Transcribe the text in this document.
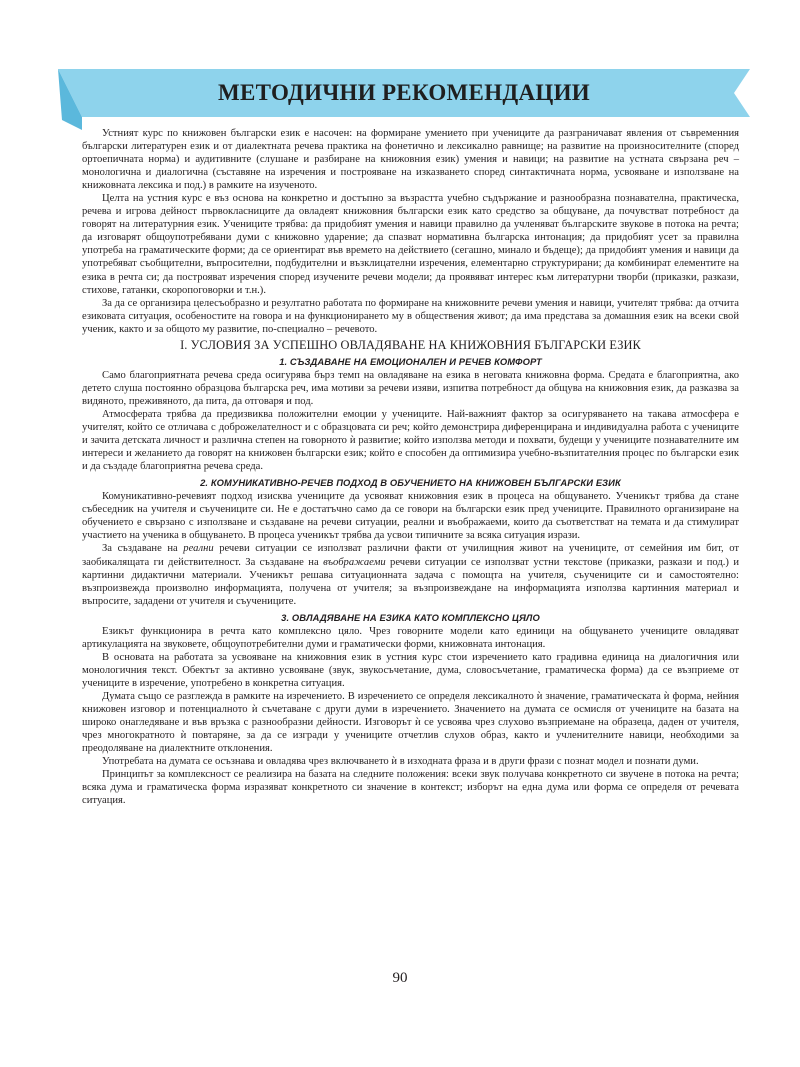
МЕТОДИЧНИ РЕКОМЕНДАЦИИ

Устният курс по книжовен български език е насочен: на формиране умението при учениците да разграничават явления от съвременния български литературен език и от диалектната речева практика на фонетично и лексикално равнище; на развитие на произносителните (според ортоепичната норма) и аудитивните (слушане и разбиране на книжовния език) умения и навици; на развитие на устната свързана реч – монологична и диалогична (съставяне на изречения и построяване на изказването според синтактичната норма, усвояване и използване на книжовната лексика и под.) в рамките на изученото.

Целта на устния курс е въз основа на конкретно и достъпно за възрастта учебно съдържание и разнообразна познавателна, практическа, речева и игрова дейност първокласниците да овладеят книжовния български език като средство за общуване, да почувстват потребност да говорят на литературния език. Учениците трябва: да придобият умения и навици правилно да учленяват българските звукове в потока на речта; да изговарят общоупотребявани думи с книжовно ударение; да спазват нормативна българска интонация; да придобият усет за правилна употреба на граматическите форми; да се ориентират във времето на действието (сегашно, минало и бъдеще); да придобият умения и навици да употребяват съобщителни, въпросителни, подбудителни и възклицателни изречения, елементарно структурирани; да комбинират елементите на езика в речта си; да построяват изречения според изучените речеви модели; да проявяват интерес към литературни творби (приказки, разкази, стихове, гатанки, скоропоговорки и т.н.).

За да се организира целесъобразно и резултатно работата по формиране на книжовните речеви умения и навици, учителят трябва: да отчита езиковата ситуация, особеностите на говора и на функционирането му в обществения живот; да има представа за домашния език на всеки свой ученик, както и за общото му развитие, по-специално – речевото.

I. УСЛОВИЯ ЗА УСПЕШНО ОВЛАДЯВАНЕ НА КНИЖОВНИЯ БЪЛГАРСКИ ЕЗИК
1. СЪЗДАВАНЕ НА ЕМОЦИОНАЛЕН И РЕЧЕВ КОМФОРТ

Само благоприятната речева среда осигурява бърз темп на овладяване на езика в неговата книжовна форма. Средата е благоприятна, ако детето слуша постоянно образцова българска реч, има мотиви за речеви изяви, изпитва потребност да общува на книжовния език, да разказва за видяното, преживяното, да пита, да отговаря и под.

Атмосферата трябва да предизвиква положителни емоции у учениците. Най-важният фактор за осигуряването на такава атмосфера е учителят, който се отличава с доброжелателност и с образцовата си реч; който демонстрира диференцирана и индивидуална работа с учениците и зачита детската личност и различна степен на говорното ѝ развитие; който използва методи и похвати, будещи у учениците познавателните им интереси и желанието да говорят на книжовен български език; който е способен да оптимизира учебно-възпитателния процес по български език и да създаде благоприятна речева среда.

2. КОМУНИКАТИВНО-РЕЧЕВ ПОДХОД В ОБУЧЕНИЕТО НА КНИЖОВЕН БЪЛГАРСКИ ЕЗИК

Комуникативно-речевият подход изисква учениците да усвояват книжовния език в процеса на общуването. Ученикът трябва да стане събеседник на учителя и съучениците си. Не е достатъчно само да се говори на български език пред учениците. Правилното организиране на обучението е свързано с използване и създаване на речеви ситуации, реални и въображаеми, които да съответстват на темата и да стимулират участието на ученика в общуването. В процеса ученикът трябва да усвои типичните за всяка ситуация изрази.

За създаване на реални речеви ситуации се използват различни факти от училищния живот на учениците, от семейния им бит, от заобикалящата ги действителност. За създаване на въображаеми речеви ситуации се използват устни текстове (приказки, разкази и под.) и картинни дидактични материали. Ученикът решава ситуационната задача с помощта на учителя, съучениците си и самостоятелно: възпроизвежда произволно информацията, получена от учителя; за възпроизвеждане на информацията използва картинния материал и въпросите, зададени от учителя и съучениците.

3. ОВЛАДЯВАНЕ НА ЕЗИКА КАТО КОМПЛЕКСНО ЦЯЛО

Езикът функционира в речта като комплексно цяло. Чрез говорните модели като единици на общуването учениците овладяват артикулацията на звуковете, общоупотребителни думи и граматически форми, книжовната интонация.

В основата на работата за усвояване на книжовния език в устния курс стои изречението като градивна единица на диалогичния или монологичния текст. Обектът за активно усвояване (звук, звукосъчетание, дума, словосъчетание, граматическа форма) да се възприеме от учениците в изречение, употребено в конкретна ситуация.

Думата също се разглежда в рамките на изречението. В изречението се определя лексикалното ѝ значение, граматическата ѝ форма, нейния книжовен изговор и потенциалното ѝ съчетаване с други думи в изречението. Значението на думата се осмисля от учениците на базата на широко онагледяване и във връзка с разнообразни дейности. Изговорът ѝ се усвоява чрез слухово възприемане на образеца, даден от учителя, чрез многократното ѝ повтаряне, за да се изгради у учениците отчетлив слухов образ, както и учленителните навици, необходими за преодоляване на диалектните отклонения.

Употребата на думата се осъзнава и овладява чрез включването ѝ в изходната фраза и в други фрази с познат модел и познати думи.

Принципът за комплексност се реализира на базата на следните положения: всеки звук получава конкретното си звучене в потока на речта; всяка дума и граматическа форма изразяват конкретното си значение в контекст; изборът на една дума или форма се определя от речевата ситуация.

90
